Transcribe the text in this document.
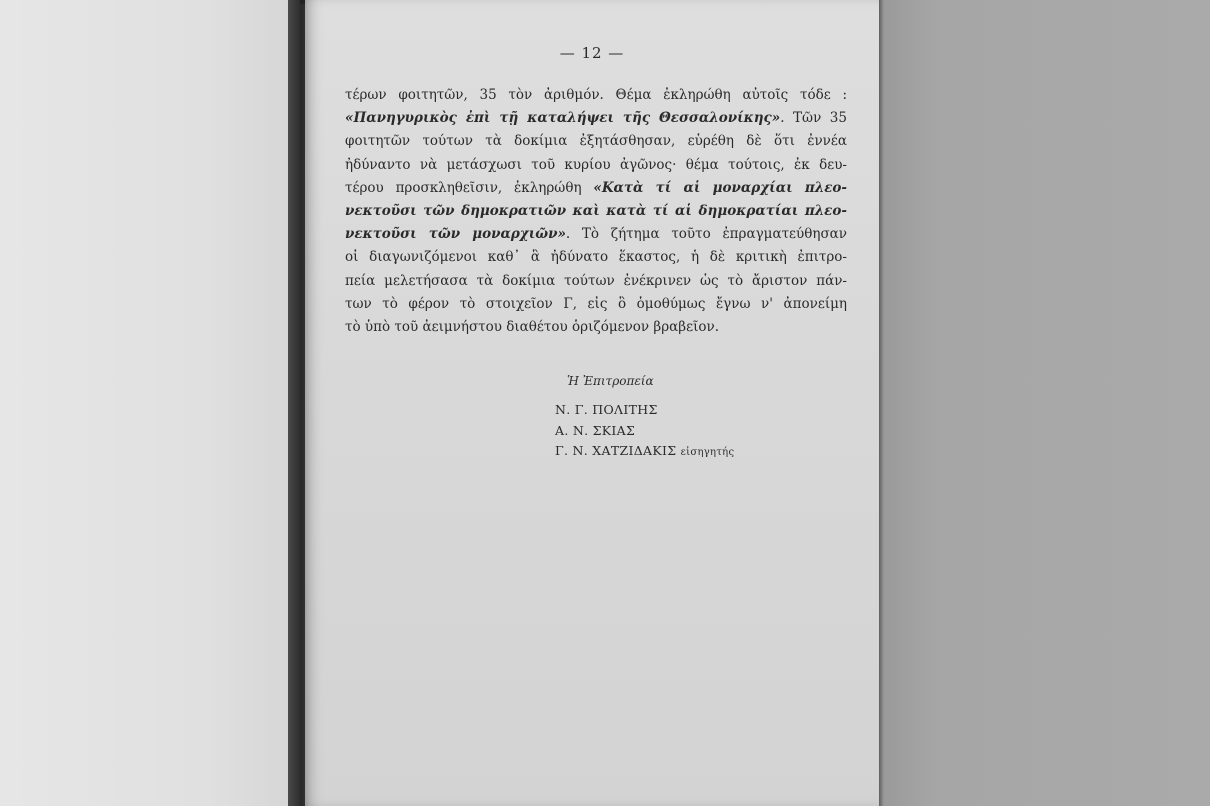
— 12 —
τέρων φοιτητῶν, 35 τὸν ἀριθμόν. Θέμα ἐκληρώθη αὐτοῖς τόδε :
«Πανηγυρικὸς ἐπὶ τῇ καταλήψει τῆς Θεσσαλονίκης». Τῶν 35
φοιτητῶν τούτων τὰ δοκίμια ἐξητάσθησαν, εὑρέθη δὲ ὅτι ἐννέα
ἠδύναντο νὰ μετάσχωσι τοῦ κυρίου ἀγῶνος· θέμα τούτοις, ἐκ δευ-
τέρου προσκληθεῖσιν, ἐκληρώθη «Κατὰ τί αἱ μοναρχίαι πλεο-
νεκτοῦσι τῶν δημοκρατιῶν καὶ κατὰ τί αἱ δημοκρατίαι πλεο-
νεκτοῦσι τῶν μοναρχιῶν». Τὸ ζήτημα τοῦτο ἐπραγματεύθησαν
οἱ διαγωνιζόμενοι καθ᾽ ἃ ἠδύνατο ἕκαστος, ἡ δὲ κριτικὴ ἐπιτρο-
πεία μελετήσασα τὰ δοκίμια τούτων ἐνέκρινεν ὡς τὸ ἄριστον πάν-
των τὸ φέρον τὸ στοιχεῖον Γ, εἰς ὃ ὁμοθύμως ἔγνω ν' ἀπονείμη
τὸ ὑπὸ τοῦ ἀειμνήστου διαθέτου ὁριζόμενον βραβεῖον.
Ἡ Ἐπιτροπεία
Ν. Γ. ΠΟΛΙΤΗΣ
Α. Ν. ΣΚΙΑΣ
Γ. Ν. ΧΑΤΖΙΔΑΚΙΣ εἰσηγητής
